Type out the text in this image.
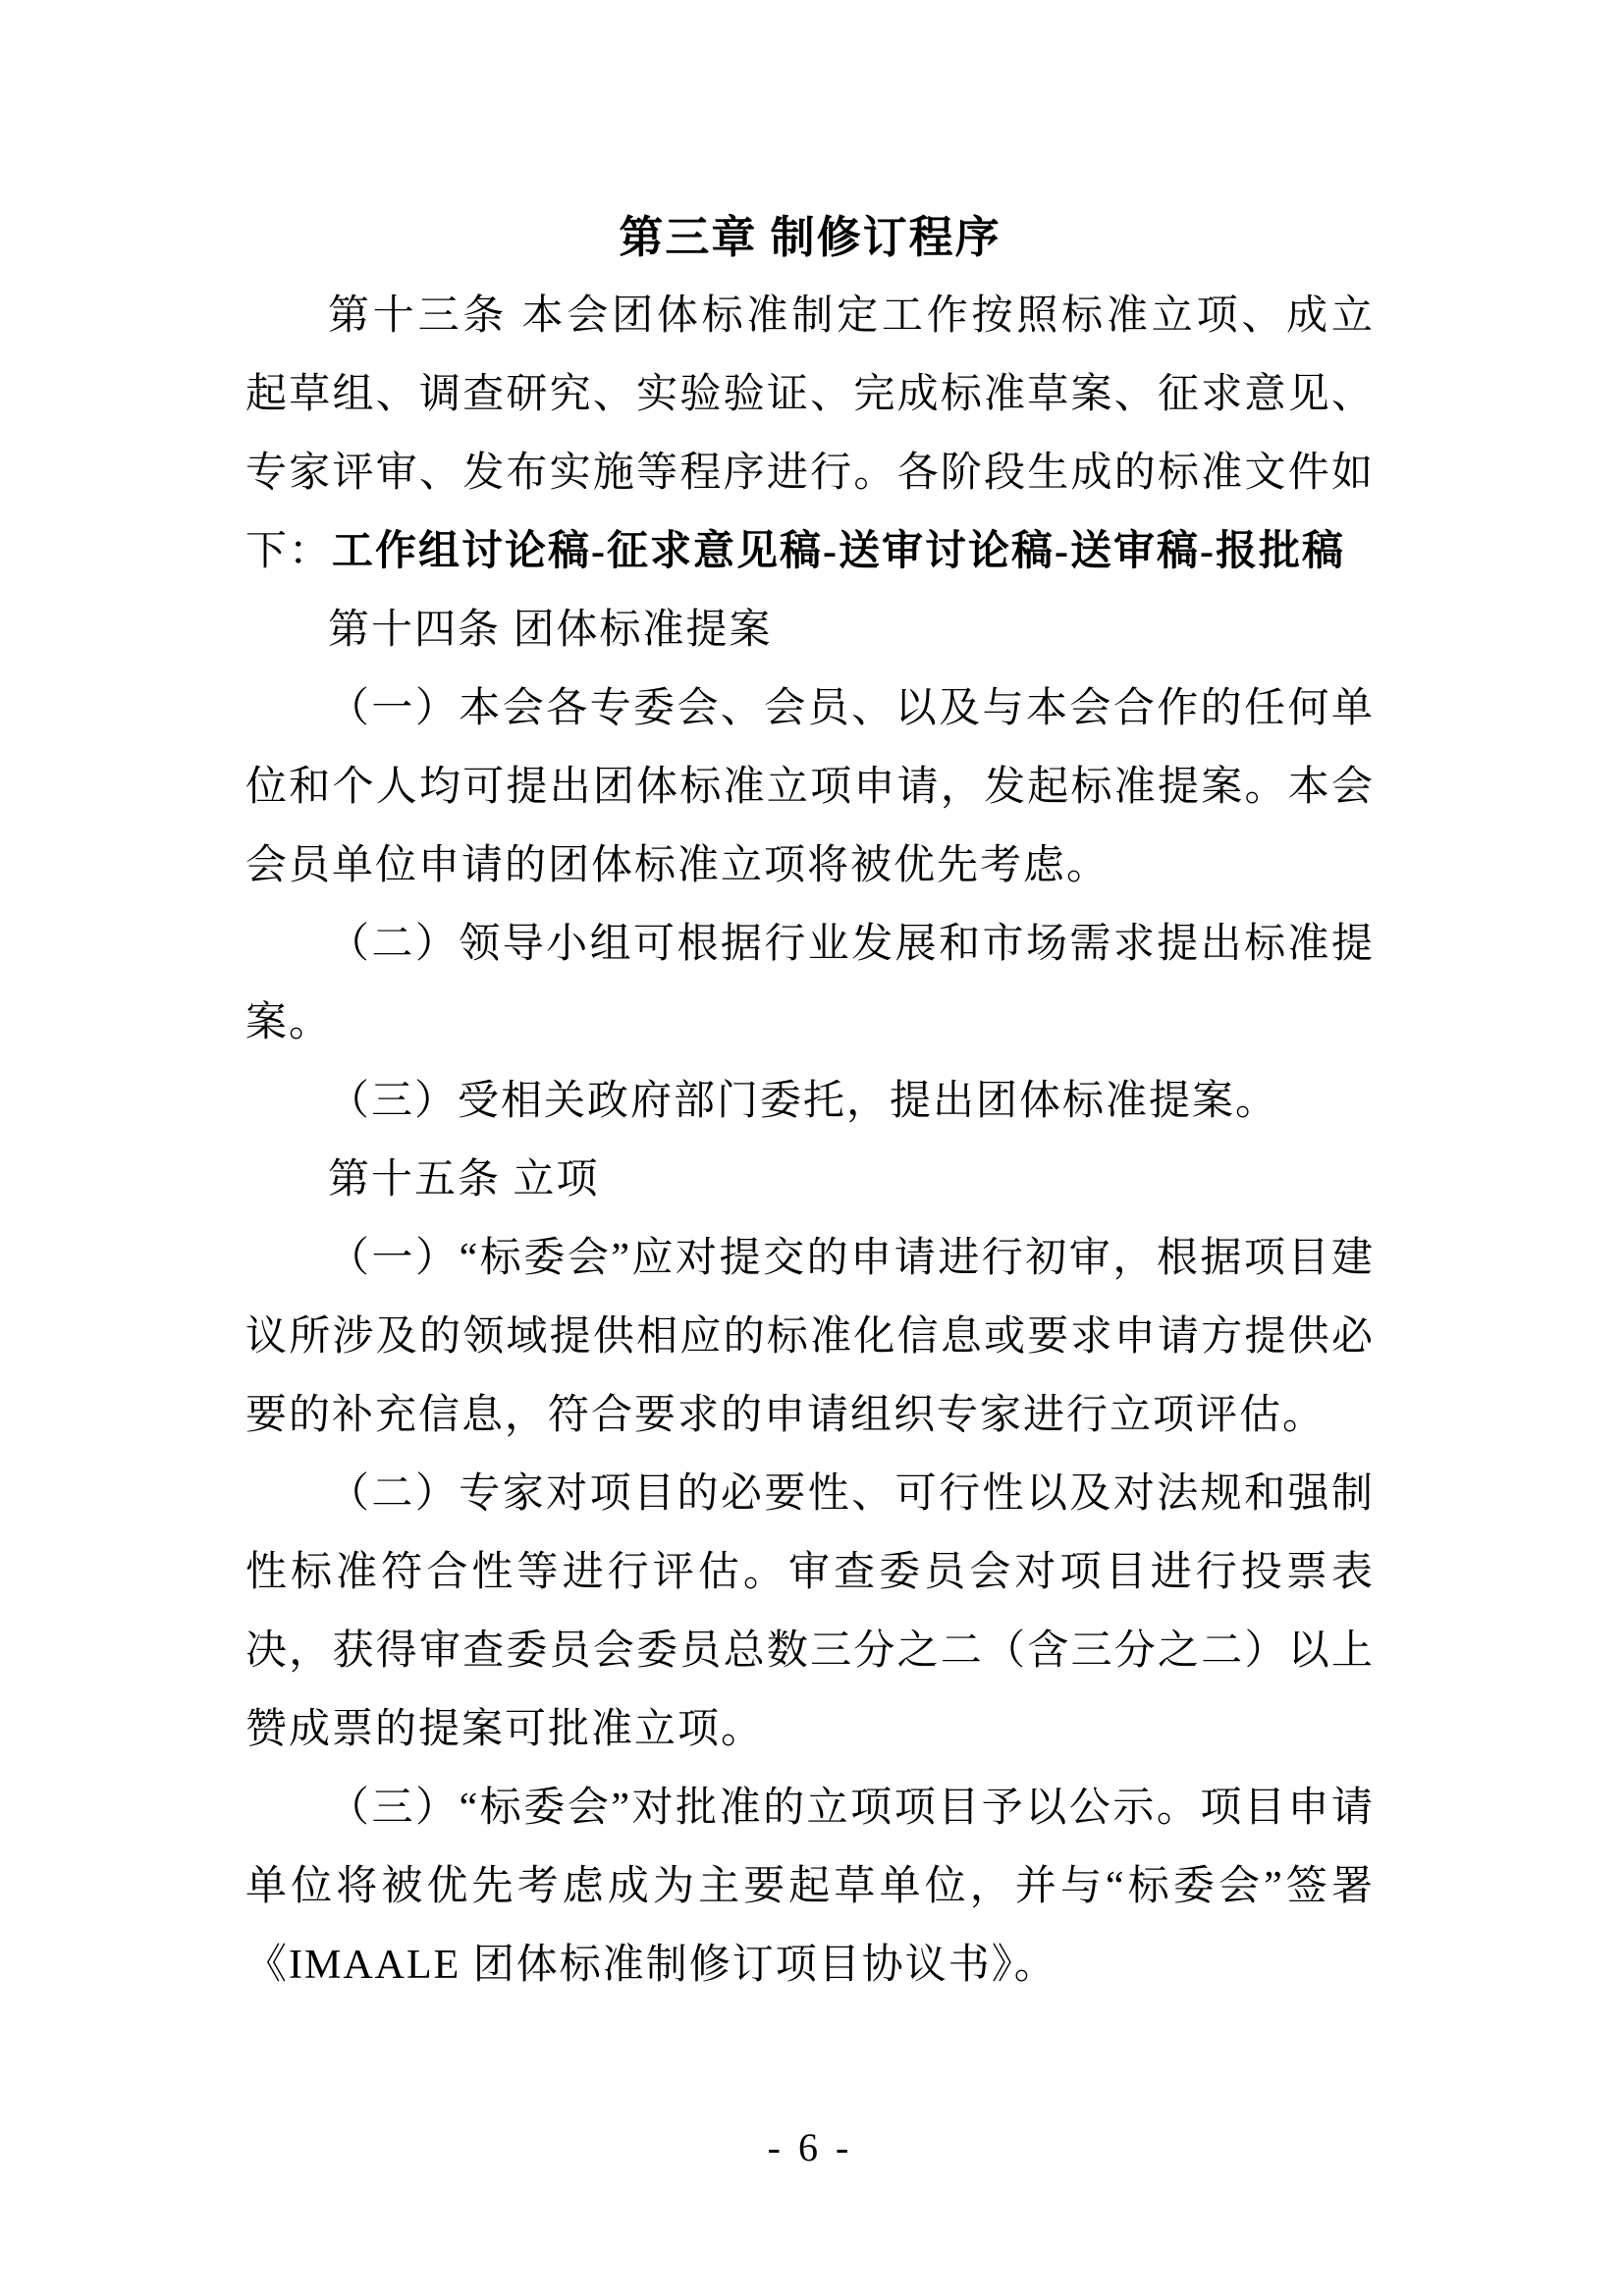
第三章 制修订程序

第十三条 本会团体标准制定工作按照标准立项、成立起草组、调查研究、实验验证、完成标准草案、征求意见、专家评审、发布实施等程序进行。各阶段生成的标准文件如下：工作组讨论稿-征求意见稿-送审讨论稿-送审稿-报批稿

第十四条 团体标准提案

（一）本会各专委会、会员、以及与本会合作的任何单位和个人均可提出团体标准立项申请，发起标准提案。本会会员单位申请的团体标准立项将被优先考虑。

（二）领导小组可根据行业发展和市场需求提出标准提案。

（三）受相关政府部门委托，提出团体标准提案。

第十五条 立项

（一）“标委会”应对提交的申请进行初审，根据项目建议所涉及的领域提供相应的标准化信息或要求申请方提供必要的补充信息，符合要求的申请组织专家进行立项评估。

（二）专家对项目的必要性、可行性以及对法规和强制性标准符合性等进行评估。审查委员会对项目进行投票表决，获得审查委员会委员总数三分之二（含三分之二）以上赞成票的提案可批准立项。

（三）“标委会”对批准的立项项目予以公示。项目申请单位将被优先考虑成为主要起草单位，并与“标委会”签署《IMAALE 团体标准制修订项目协议书》。

- 6 -
